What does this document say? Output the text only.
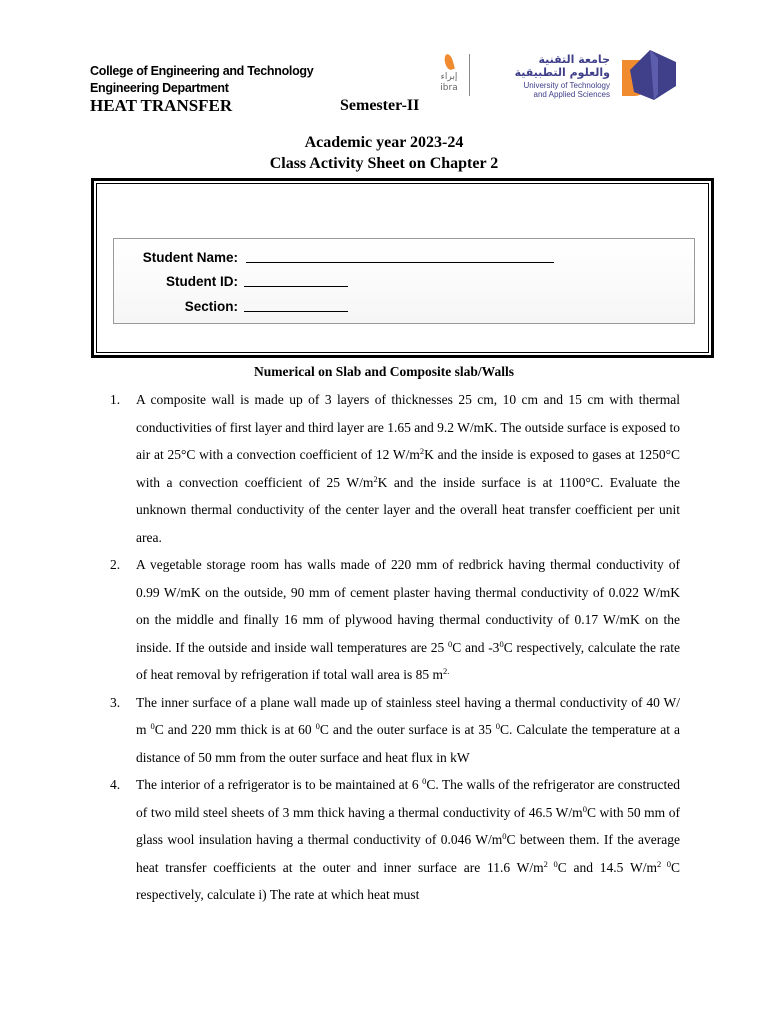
College of Engineering and Technology
Engineering Department
HEAT TRANSFER	Semester-II
إبراء
ibra
جامعة التقنية
والعلوم التطبيقية
University of Technology
and Applied Sciences
Academic year 2023-24
Class Activity Sheet on Chapter 2
Student Name:
Student ID:
Section:
Numerical on Slab and Composite slab/Walls
1. A composite wall is made up of 3 layers of thicknesses 25 cm, 10 cm and 15 cm with thermal conductivities of first layer and third layer are 1.65 and 9.2 W/mK. The outside surface is exposed to air at 25°C with a convection coefficient of 12 $W/m^2K$ and the inside is exposed to gases at 1250°C with a convection coefficient of 25 $W/m^2K$ and the inside surface is at 1100°C. Evaluate the unknown thermal conductivity of the center layer and the overall heat transfer coefficient per unit area.
2. A vegetable storage room has walls made of 220 mm of redbrick having thermal conductivity of 0.99 W/mK on the outside, 90 mm of cement plaster having thermal conductivity of 0.022 W/mK on the middle and finally 16 mm of plywood having thermal conductivity of 0.17 W/mK on the inside. If the outside and inside wall temperatures are 25 $^0$C and $-3^0C$ respectively, calculate the rate of heat removal by refrigeration if total wall area is 85 $m^{2.}$
3. The inner surface of a plane wall made up of stainless steel having a thermal conductivity of 40 W/ m $^0$C and 220 mm thick is at 60 $^0$C and the outer surface is at 35 $^0$C. Calculate the temperature at a distance of 50 mm from the outer surface and heat flux in kW
4. The interior of a refrigerator is to be maintained at 6 $^0$C. The walls of the refrigerator are constructed of two mild steel sheets of 3 mm thick having a thermal conductivity of 46.5 $W/m^0C$ with 50 mm of glass wool insulation having a thermal conductivity of 0.046 $W/m^0C$ between them. If the average heat transfer coefficients at the outer and inner surface are 11.6 $W/m^{2 0}C$ and 14.5 $W/m^{2 0}C$ respectively, calculate i) The rate at which heat must
